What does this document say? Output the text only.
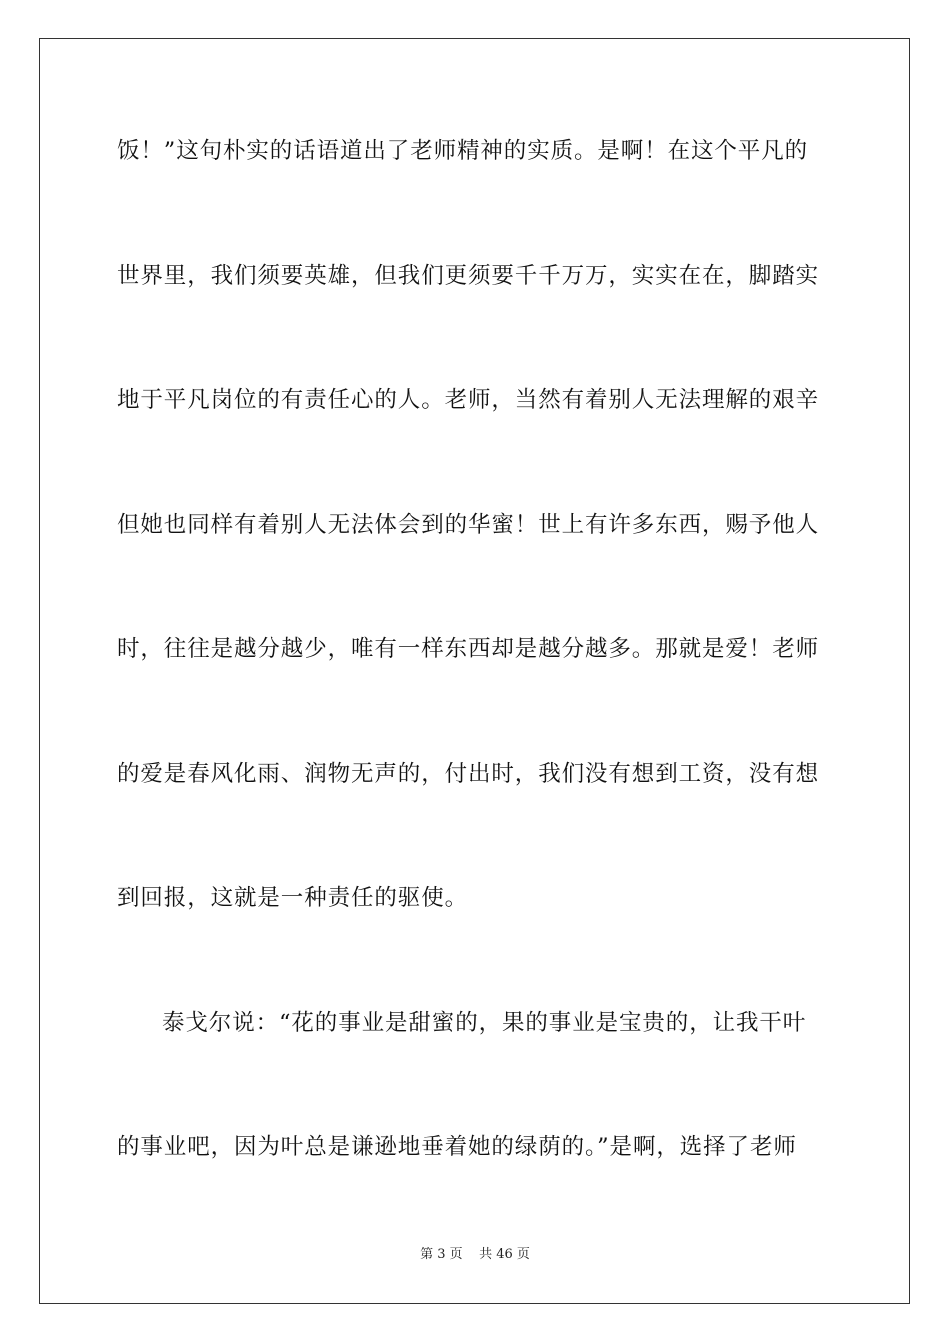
饭！”这句朴实的话语道出了老师精神的实质。是啊！在这个平凡的
世界里，我们须要英雄，但我们更须要千千万万，实实在在，脚踏实
地于平凡岗位的有责任心的人。老师，当然有着别人无法理解的艰辛
但她也同样有着别人无法体会到的华蜜！世上有许多东西，赐予他人
时，往往是越分越少，唯有一样东西却是越分越多。那就是爱！老师
的爱是春风化雨、润物无声的，付出时，我们没有想到工资，没有想
到回报，这就是一种责任的驱使。
泰戈尔说：“花的事业是甜蜜的，果的事业是宝贵的，让我干叶
的事业吧，因为叶总是谦逊地垂着她的绿荫的。”是啊，选择了老师
第 3 页    共 46 页
